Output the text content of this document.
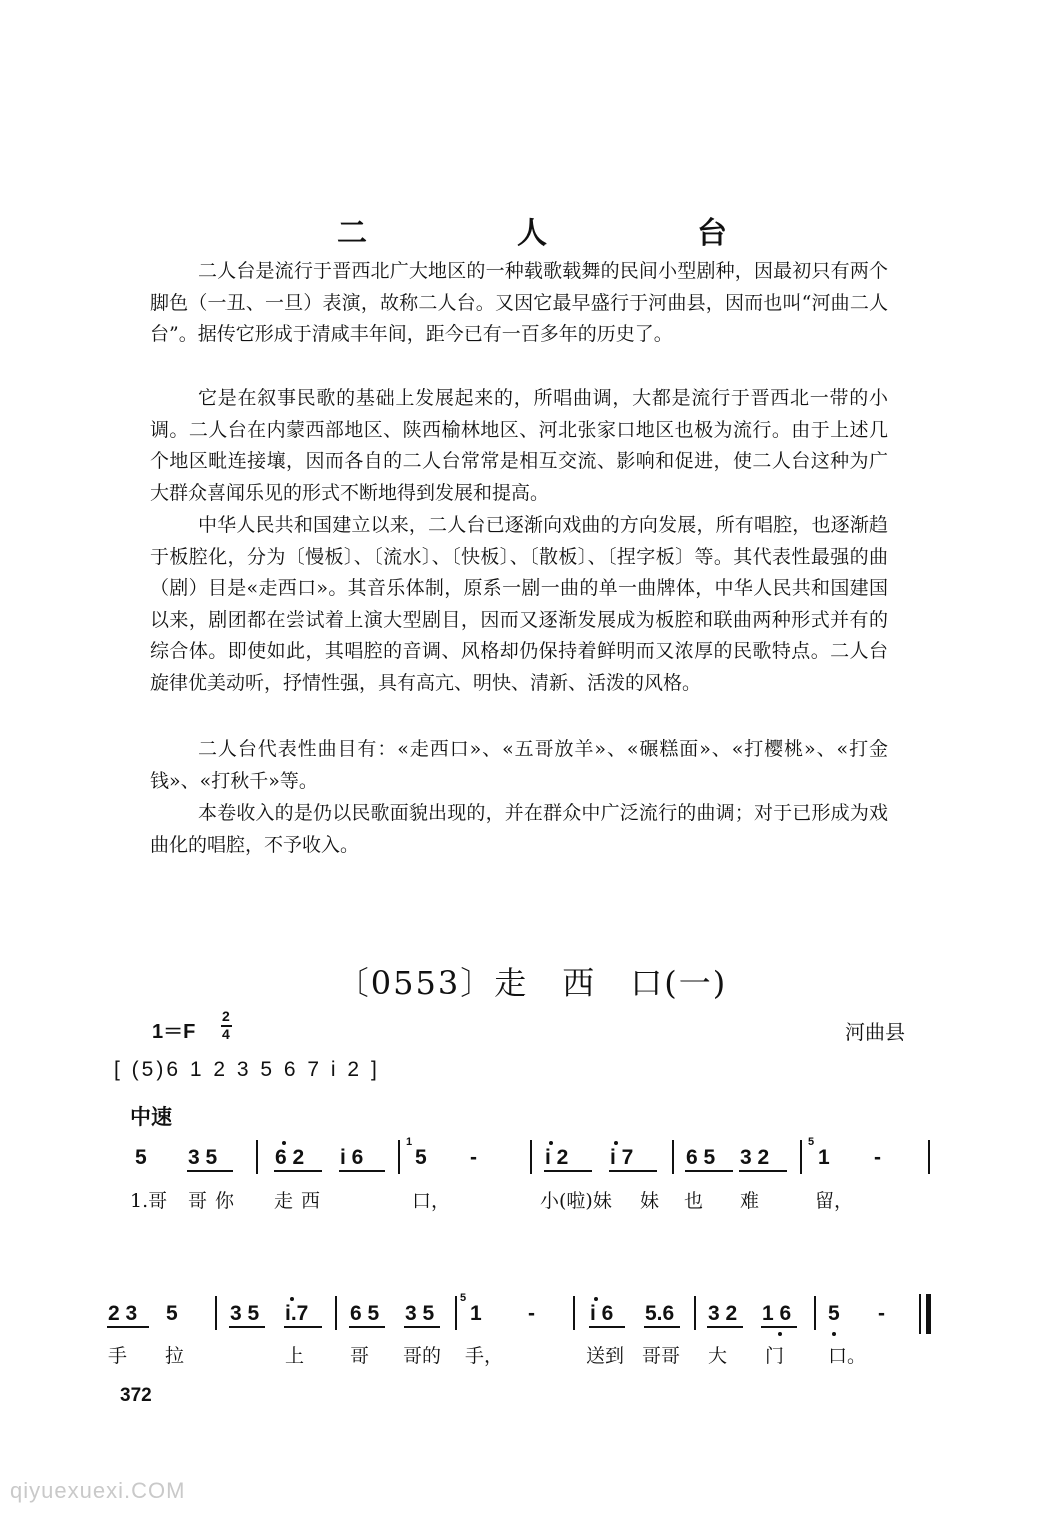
二　人　台
二人台是流行于晋西北广大地区的一种载歌载舞的民间小型剧种，因最初只有两个脚色（一丑、一旦）表演，故称二人台。又因它最早盛行于河曲县，因而也叫“河曲二人台”。据传它形成于清咸丰年间，距今已有一百多年的历史了。
它是在叙事民歌的基础上发展起来的，所唱曲调，大都是流行于晋西北一带的小调。二人台在内蒙西部地区、陕西榆林地区、河北张家口地区也极为流行。由于上述几个地区毗连接壤，因而各自的二人台常常是相互交流、影响和促进，使二人台这种为广大群众喜闻乐见的形式不断地得到发展和提高。
中华人民共和国建立以来，二人台已逐渐向戏曲的方向发展，所有唱腔，也逐渐趋于板腔化，分为〔慢板〕、〔流水〕、〔快板〕、〔散板〕、〔捏字板〕等。其代表性最强的曲（剧）目是«走西口»。其音乐体制，原系一剧一曲的单一曲牌体，中华人民共和国建国以来，剧团都在尝试着上演大型剧目，因而又逐渐发展成为板腔和联曲两种形式并有的综合体。即使如此，其唱腔的音调、风格却仍保持着鲜明而又浓厚的民歌特点。二人台旋律优美动听，抒情性强，具有高亢、明快、清新、活泼的风格。
二人台代表性曲目有：«走西口»、«五哥放羊»、«碾糕面»、«打樱桃»、«打金钱»、«打秋千»等。
本卷收入的是仍以民歌面貌出现的，并在群众中广泛流行的曲调；对于已形成为戏曲化的唱腔，不予收入。
〔0553〕走　西　口(一)
1＝F
2
4	河曲县
[ (5)6 1 2 3 5 6 7 i 2 ]
中速
5 3 5	6 2 i 6
1
5 -	i 2 i 7	6 5 3 2
5
1 -
1.哥 哥 你 走 西	口，	小(啦)妹 妹 也 难	留，
2 3 5 3 5 i.7 6 5 3 5
5
1 -	i 6 5.6 3 2 1 6 5 -
手 拉	上 哥 哥的 手，	送到 哥哥 大 门 口。
372
qiyuexuexi.COM
